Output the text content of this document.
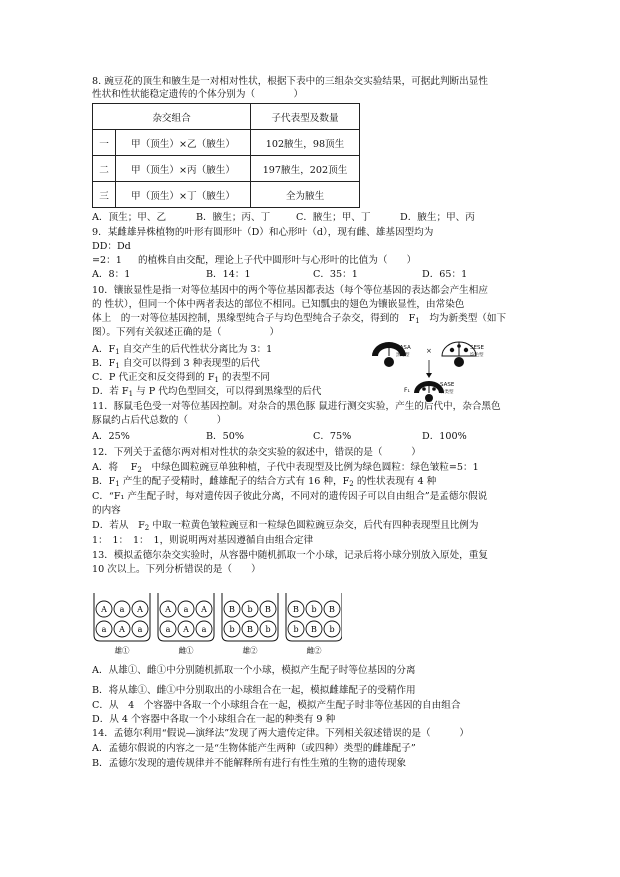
8. 豌豆花的顶生和腋生是一对相对性状，根据下表中的三组杂交实验结果，可据此判断出显性
性状和性状能稳定遗传的个体分别为（　　　　）
杂交组合		子代表型及数量
一	甲（顶生）×乙（腋生）	102腋生，98顶生
二	甲（顶生）×丙（腋生）	197腋生，202顶生
三	甲（顶生）×丁（腋生）	全为腋生
A．顶生；甲、乙	B．腋生；丙、丁	C．腋生；甲、丁	D．腋生；甲、丙
9．某雌雄异株植物的叶形有圆形叶（D）和心形叶（d），现有雌、雄基因型均为
DD：Dd
=2：1 的植株自由交配，理论上子代中圆形叶与心形叶的比值为（　　）
A．8：1	B．14：1	C．35：1	D．65：1
10．镶嵌显性是指一对等位基因中的两个等位基因都表达（每个等位基因的表达都会产生相应
的 性状），但同一个体中两者表达的部位不相同。已知瓢虫的翅色为镶嵌显性，由常染色
体上　的一对等位基因控制，黑缘型纯合子与均色型纯合子杂交，得到的　$F_1$　 均为新类型（如下
图）。下列有关叙述正确的是（　　　　　）
A．$F_1$ 自交产生的后代性状分离比为 3：1
B．$F_1$ 自交可以得到 3 种表现型的后代
C．P 代正交和反交得到的 $F_1$ 的表型不同
D．若 $F_1$ 与 P 代均色型回交，可以得到黑缘型的后代
SASA
黑缘型
×	SESE
均色型
F₁
SASE
新类型
11．豚鼠毛色受一对等位基因控制。对杂合的黑色豚 鼠进行测交实验，产生的后代中，杂合黑色
豚鼠约占后代总数的（　　　）
A．25%	B．50%	C．75%	D．100%
12．下列关于孟德尔两对相对性状的杂交实验的叙述中，错误的是（　　　）
A．将　 $F_2$　 中绿色圆粒豌豆单独种植，子代中表现型及比例为绿色圆粒：绿色皱粒=5：1
B．$F_1$ 产生的配子受精时，雌雄配子的结合方式有 16 种，$F_2$ 的性状表现有 4 种
C．“F₁ 产生配子时，每对遗传因子彼此分离，不同对的遗传因子可以自由组合”是孟德尔假说
的内容
D．若从　$F_2$ 中取一粒黄色皱粒豌豆和一粒绿色圆粒豌豆杂交，后代有四种表现型且比例为
1：　1：　1：　1，则说明两对基因遵循自由组合定律
13．模拟孟德尔杂交实验时，从容器中随机抓取一个小球，记录后将小球分别放入原处，重复
10 次以上。下列分析错误的是（　　）
A a A
a A a
雄①
A a A
a A a
雌①
B b B
b B b
雄②
B b B
b B b
雌②
A．从雄①、雌①中分别随机抓取一个小球，模拟产生配子时等位基因的分离
B．将从雄①、雌①中分别取出的小球组合在一起，模拟雌雄配子的受精作用
C．从　4　个容器中各取一个小球组合在一起，模拟产生配子时非等位基因的自由组合
D．从 4 个容器中各取一个小球组合在一起的种类有 9 种
14．孟德尔利用“假说—演绎法”发现了两大遗传定律。下列相关叙述错误的是（　　　）
A．孟德尔假说的内容之一是“生物体能产生两种（或四种）类型的雌雄配子”
B．孟德尔发现的遗传规律并不能解释所有进行有性生殖的生物的遗传现象
